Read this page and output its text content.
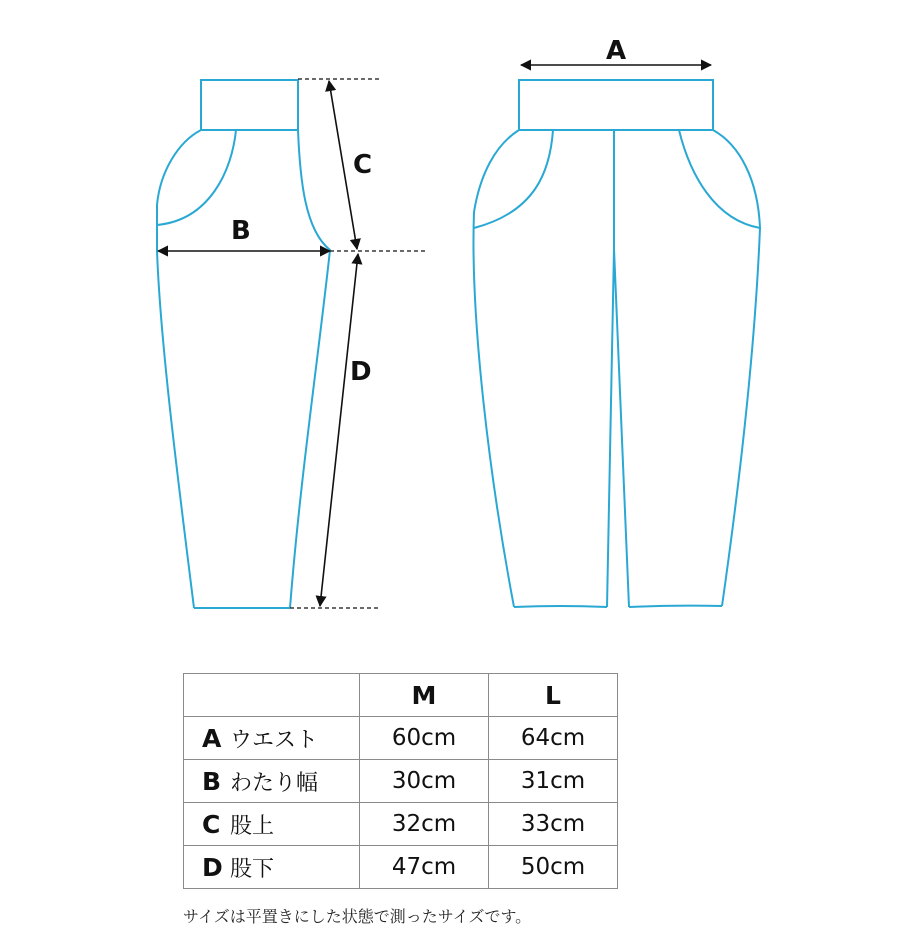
A
B
C
D
	M	L
A ウエスト	60cm	64cm
B わたり幅	30cm	31cm
C 股上	32cm	33cm
D 股下	47cm	50cm
サイズは平置きにした状態で測ったサイズです。
